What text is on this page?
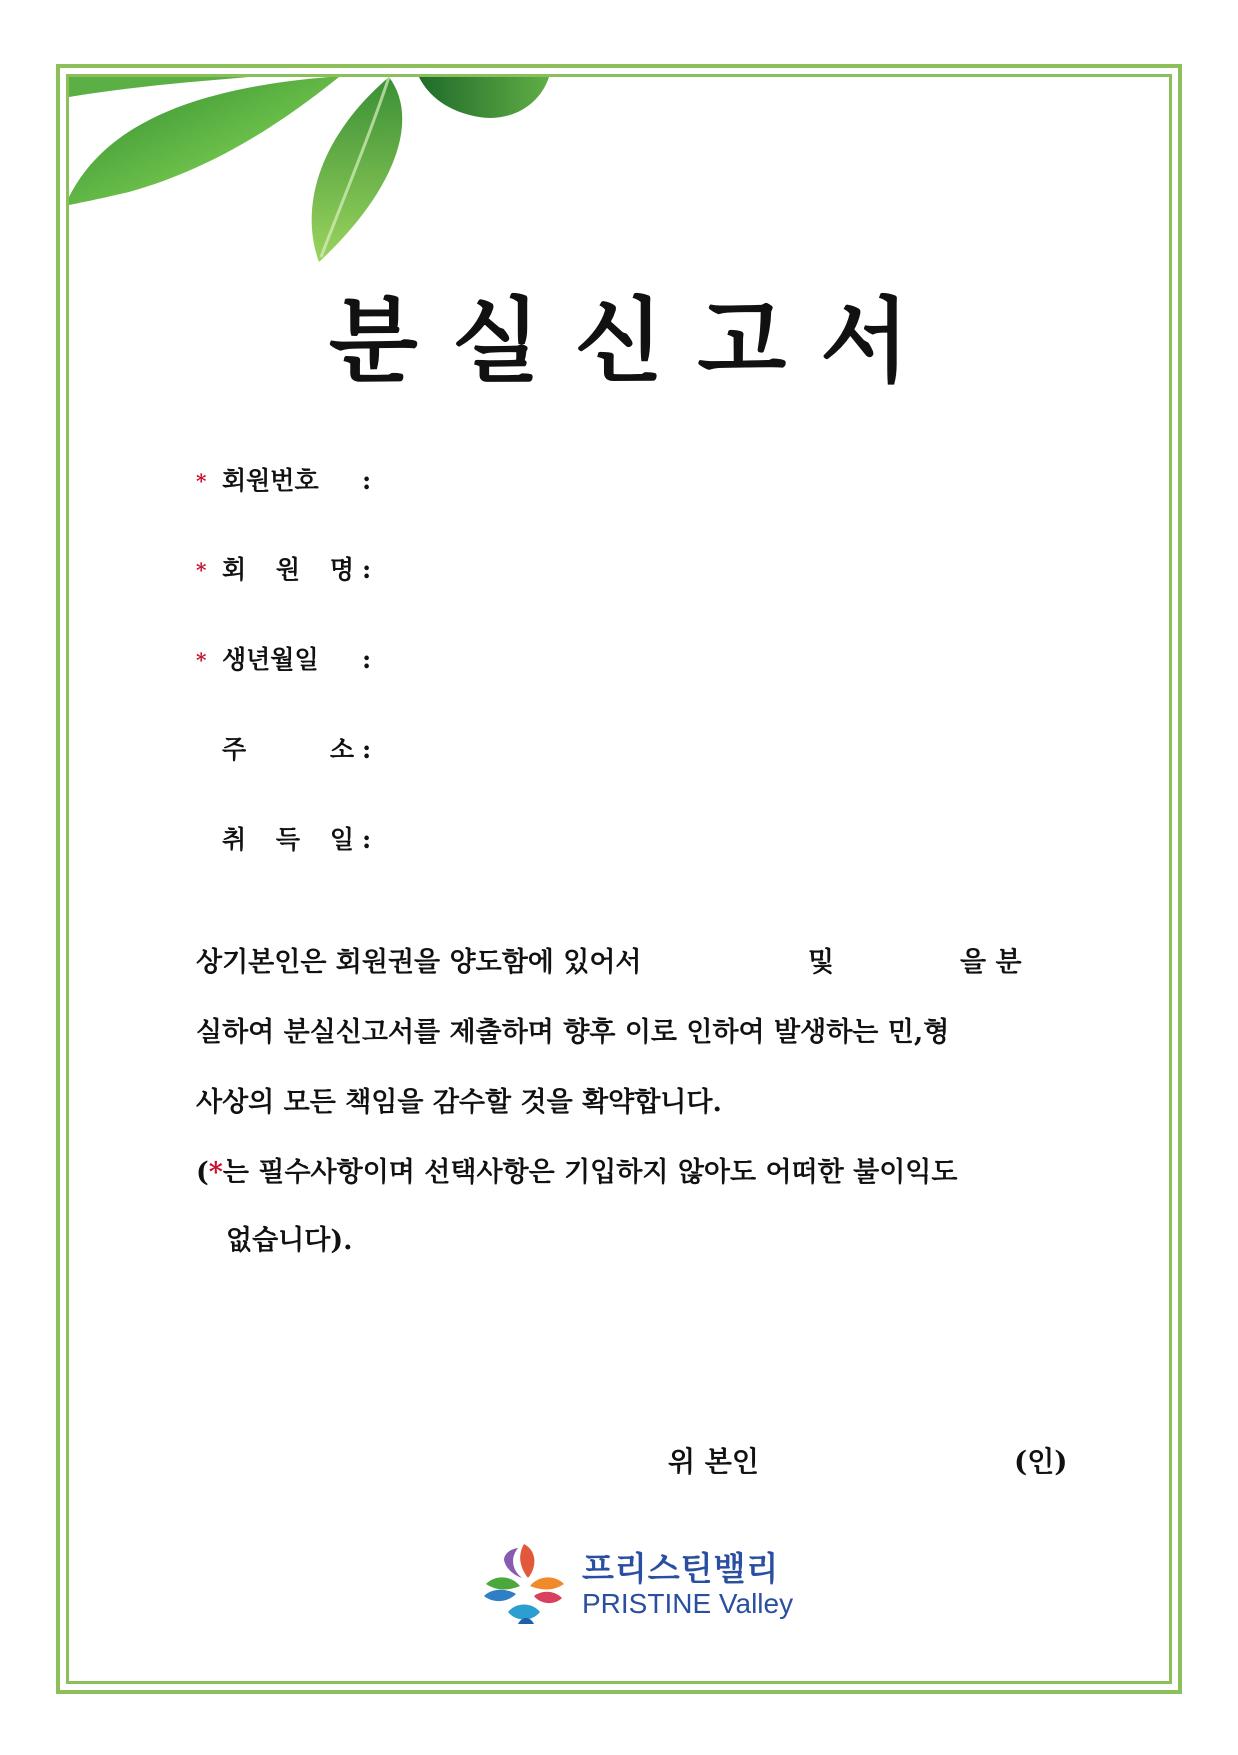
분실신고서
* 회원번호	:
* 회 원 명 :
* 생년월일	:
주 소 :
취 득 일 :
상기본인은 회원권을 양도함에 있어서	및	을 분
실하여 분실신고서를 제출하며 향후 이로 인하여 발생하는 민,형
사상의 모든 책임을 감수할 것을 확약합니다.
(*는 필수사항이며 선택사항은 기입하지 않아도 어떠한 불이익도
없습니다).
위 본인	(인)
프리스틴밸리
PRISTINE Valley
